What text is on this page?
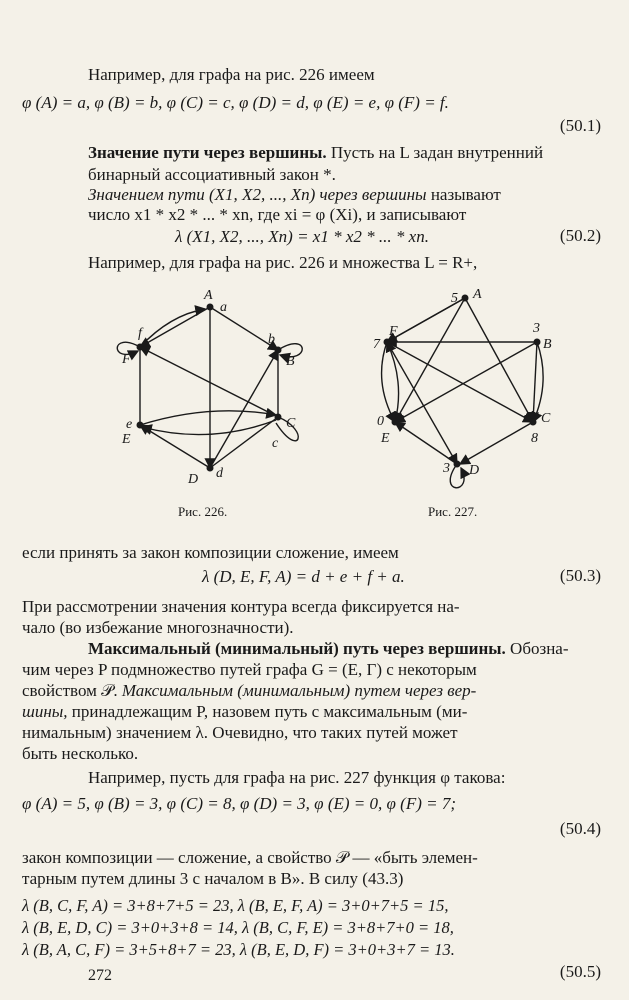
Например, для графа на рис. 226 имеем
φ (A) = a, φ (B) = b, φ (C) = c, φ (D) = d, φ (E) = e, φ (F) = f.
(50.1)
Значение пути через вершины. Пусть на L задан внутренний
бинарный ассоциативный закон *.
Значением пути (X1, X2, ..., Xn) через вершины называют
число x1 * x2 * ... * xn, где xi = φ (Xi), и записывают
λ (X1, X2, ..., Xn) = x1 * x2 * ... * xn.	(50.2)
Например, для графа на рис. 226 и множества L = R+,
A
a
B
b
C
c
D d
E
e
F
f
A
5
B
3
C
8
D
3
E
0
F
7
Рис. 226.	Рис. 227.
если принять за закон композиции сложение, имеем
λ (D, E, F, A) = d + e + f + a.	(50.3)
При рассмотрении значения контура всегда фиксируется на-
чало (во избежание многозначности).
Максимальный (минимальный) путь через вершины. Обозна-
чим через P подмножество путей графа G = (E, Γ) с некоторым
свойством 𝒫. Максимальным (минимальным) путем через вер-
шины, принадлежащим P, назовем путь с максимальным (ми-
нимальным) значением λ. Очевидно, что таких путей может
быть несколько.
Например, пусть для графа на рис. 227 функция φ такова:
φ (A) = 5, φ (B) = 3, φ (C) = 8, φ (D) = 3, φ (E) = 0, φ (F) = 7;
(50.4)
закон композиции — сложение, а свойство 𝒫 — «быть элемен-
тарным путем длины 3 с началом в B». В силу (43.3)
λ (B, C, F, A) = 3+8+7+5 = 23, λ (B, E, F, A) = 3+0+7+5 = 15,
λ (B, E, D, C) = 3+0+3+8 = 14, λ (B, C, F, E) = 3+8+7+0 = 18,
λ (B, A, C, F) = 3+5+8+7 = 23, λ (B, E, D, F) = 3+0+3+7 = 13.
(50.5)
272
